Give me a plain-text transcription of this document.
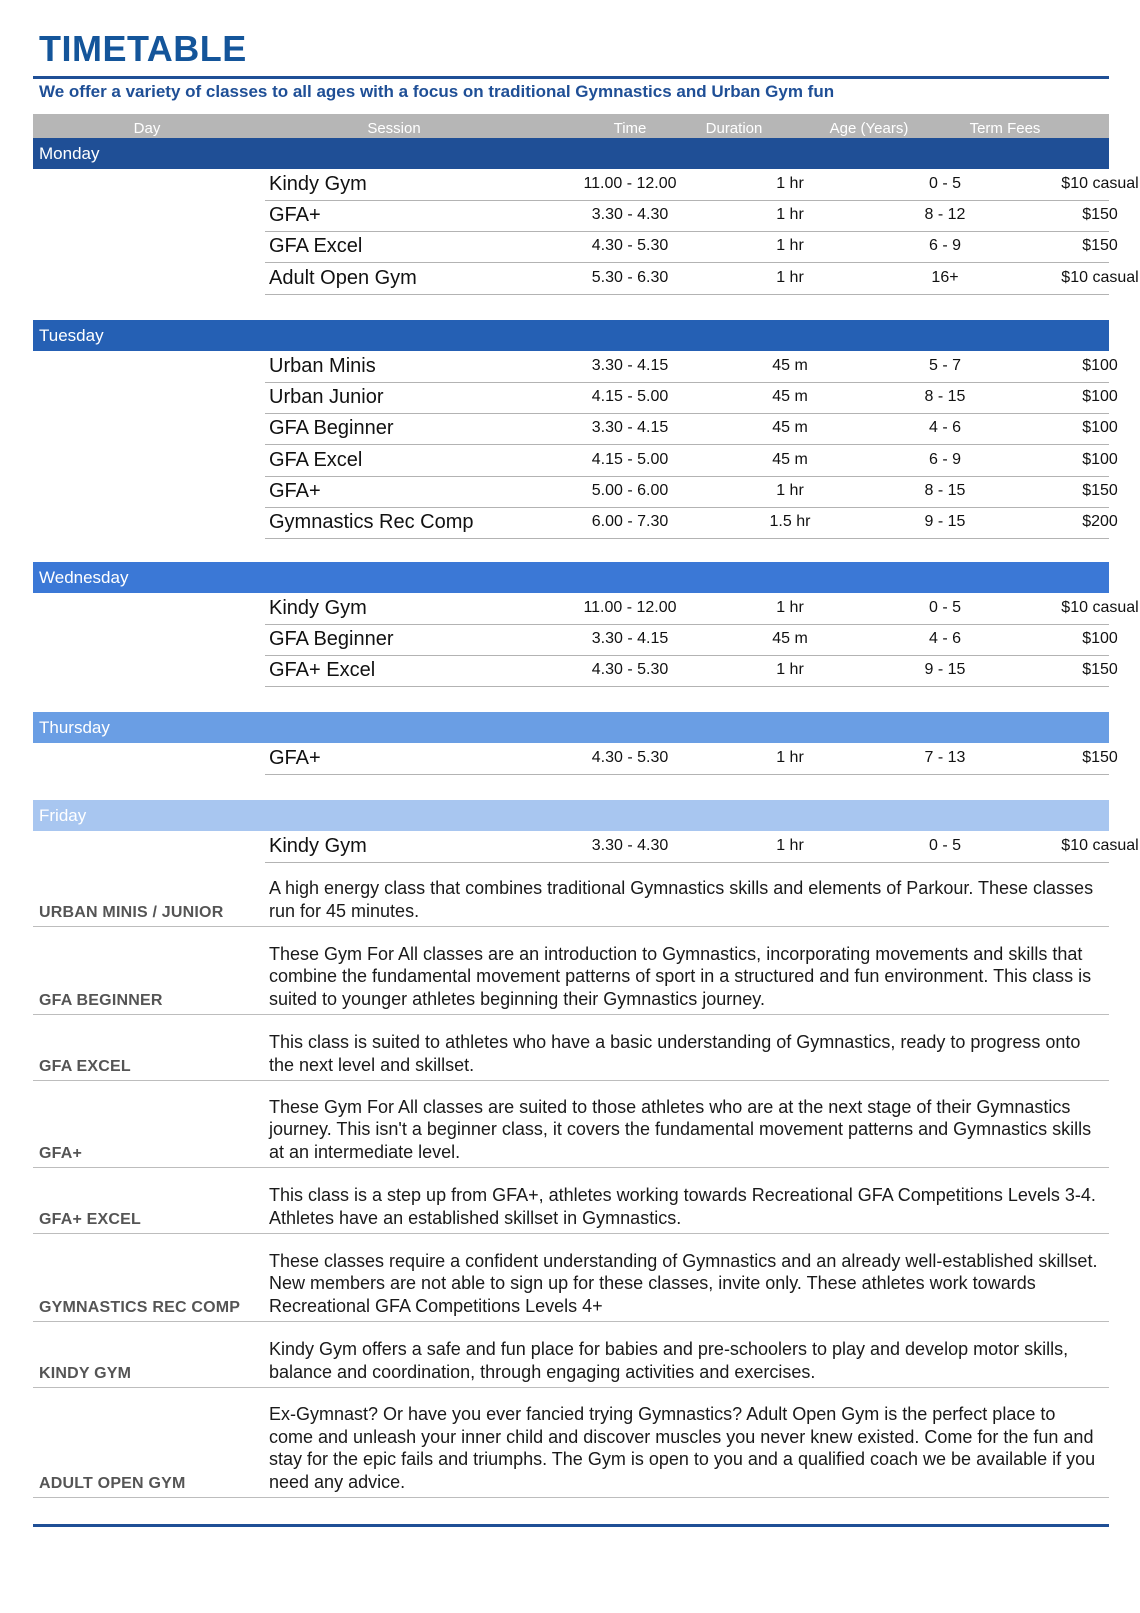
TIMETABLE
We offer a variety of classes to all ages with a focus on traditional Gymnastics and Urban Gym fun
Day	Session	Time	Duration	Age (Years)	Term Fees
Monday
Kindy Gym	11.00 - 12.00	1 hr	0 - 5	$10 casual
GFA+	3.30 - 4.30	1 hr	8 - 12	$150
GFA Excel	4.30 - 5.30	1 hr	6 - 9	$150
Adult Open Gym	5.30 - 6.30	1 hr	16+	$10 casual
Tuesday
Urban Minis	3.30 - 4.15	45 m	5 - 7	$100
Urban Junior	4.15 - 5.00	45 m	8 - 15	$100
GFA Beginner	3.30 - 4.15	45 m	4 - 6	$100
GFA Excel	4.15 - 5.00	45 m	6 - 9	$100
GFA+	5.00 - 6.00	1 hr	8 - 15	$150
Gymnastics Rec Comp	6.00 - 7.30	1.5 hr	9 - 15	$200
Wednesday
Kindy Gym	11.00 - 12.00	1 hr	0 - 5	$10 casual
GFA Beginner	3.30 - 4.15	45 m	4 - 6	$100
GFA+ Excel	4.30 - 5.30	1 hr	9 - 15	$150
Thursday
GFA+	4.30 - 5.30	1 hr	7 - 13	$150
Friday
Kindy Gym	3.30 - 4.30	1 hr	0 - 5	$10 casual
URBAN MINIS / JUNIOR
A high energy class that combines traditional Gymnastics skills and elements of Parkour. These classes run for 45 minutes.
GFA BEGINNER
These Gym For All classes are an introduction to Gymnastics, incorporating movements and skills that combine the fundamental movement patterns of sport in a structured and fun environment. This class is suited to younger athletes beginning their Gymnastics journey.
GFA EXCEL
This class is suited to athletes who have a basic understanding of Gymnastics, ready to progress onto the next level and skillset.
GFA+
These Gym For All classes are suited to those athletes who are at the next stage of their Gymnastics journey. This isn't a beginner class, it covers the fundamental movement patterns and Gymnastics skills at an intermediate level.
GFA+ EXCEL
This class is a step up from GFA+, athletes working towards Recreational GFA Competitions Levels 3-4. Athletes have an established skillset in Gymnastics.
GYMNASTICS REC COMP
These classes require a confident understanding of Gymnastics and an already well-established skillset. New members are not able to sign up for these classes, invite only. These athletes work towards Recreational GFA Competitions Levels 4+
KINDY GYM
Kindy Gym offers a safe and fun place for babies and pre-schoolers to play and develop motor skills, balance and coordination, through engaging activities and exercises.
ADULT OPEN GYM
Ex-Gymnast? Or have you ever fancied trying Gymnastics? Adult Open Gym is the perfect place to come and unleash your inner child and discover muscles you never knew existed. Come for the fun and stay for the epic fails and triumphs. The Gym is open to you and a qualified coach we be available if you need any advice.
